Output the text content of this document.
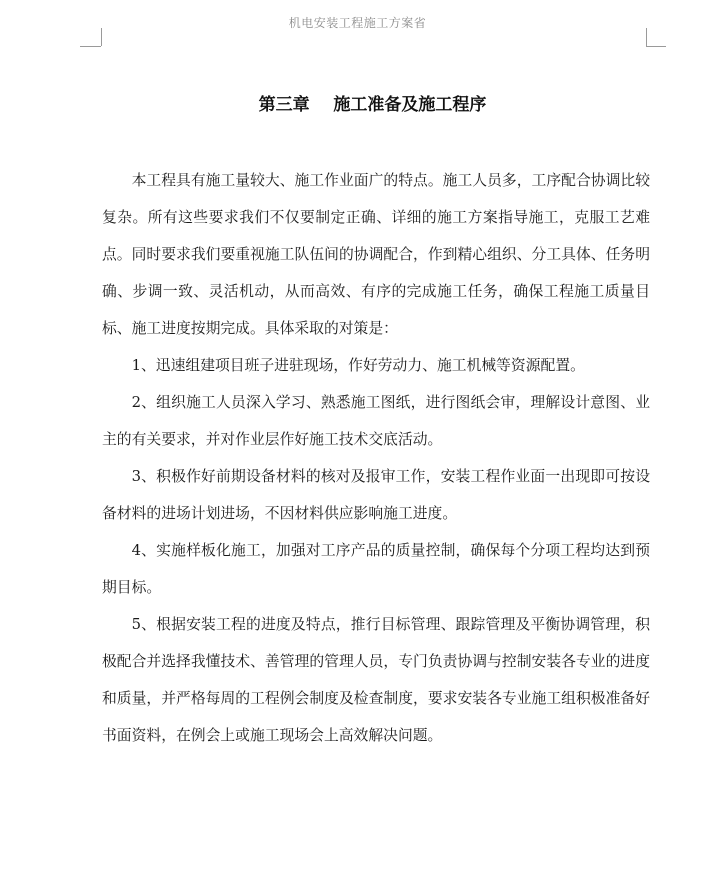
机电安装工程施工方案省
第三章    施工准备及施工程序

本工程具有施工量较大、施工作业面广的特点。施工人员多，工序配合协调比较复杂。所有这些要求我们不仅要制定正确、详细的施工方案指导施工，克服工艺难点。同时要求我们要重视施工队伍间的协调配合，作到精心组织、分工具体、任务明确、步调一致、灵活机动，从而高效、有序的完成施工任务，确保工程施工质量目标、施工进度按期完成。具体采取的对策是：

1、迅速组建项目班子进驻现场，作好劳动力、施工机械等资源配置。

2、组织施工人员深入学习、熟悉施工图纸，进行图纸会审，理解设计意图、业主的有关要求，并对作业层作好施工技术交底活动。

3、积极作好前期设备材料的核对及报审工作，安装工程作业面一出现即可按设备材料的进场计划进场，不因材料供应影响施工进度。

4、实施样板化施工，加强对工序产品的质量控制，确保每个分项工程均达到预期目标。

5、根据安装工程的进度及特点，推行目标管理、跟踪管理及平衡协调管理，积极配合并选择我懂技术、善管理的管理人员，专门负责协调与控制安装各专业的进度和质量，并严格每周的工程例会制度及检查制度，要求安装各专业施工组积极准备好书面资料，在例会上或施工现场会上高效解决问题。
